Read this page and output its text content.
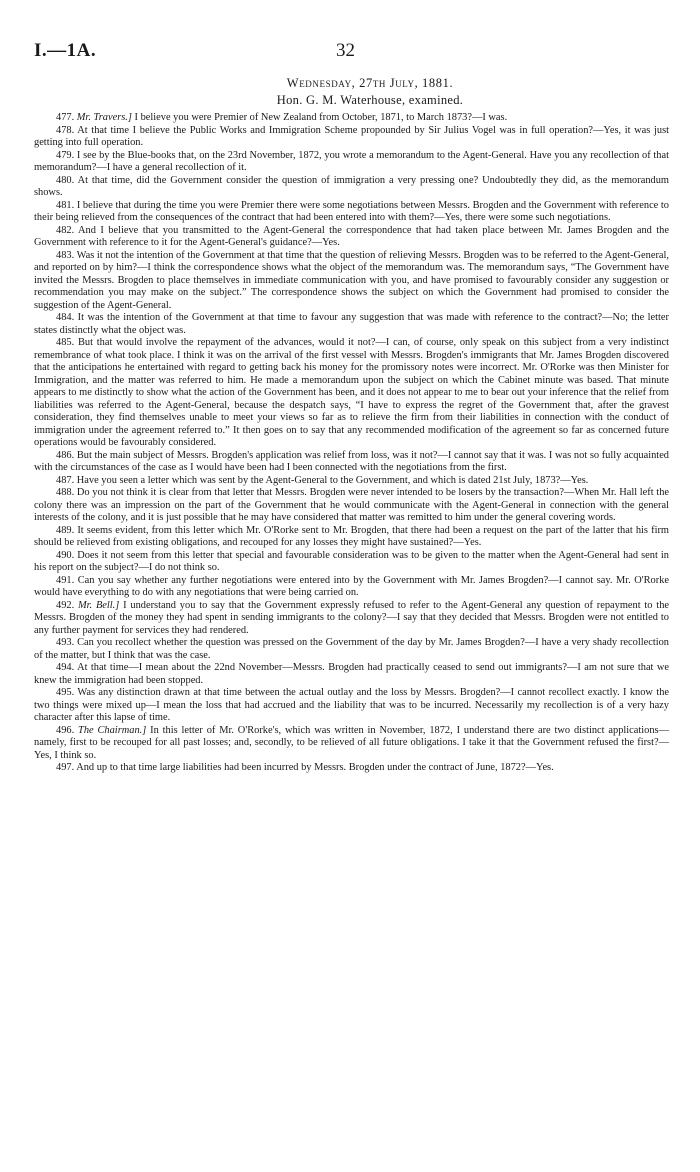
I.—1A.	32
Wednesday, 27th July, 1881.
Hon. G. M. Waterhouse, examined.

477. Mr. Travers.] I believe you were Premier of New Zealand from October, 1871, to March 1873?—I was.

478. At that time I believe the Public Works and Immigration Scheme propounded by Sir Julius Vogel was in full operation?—Yes, it was just getting into full operation.

479. I see by the Blue-books that, on the 23rd November, 1872, you wrote a memorandum to the Agent-General. Have you any recollection of that memorandum?—I have a general recollection of it.

480. At that time, did the Government consider the question of immigration a very pressing one? Undoubtedly they did, as the memorandum shows.

481. I believe that during the time you were Premier there were some negotiations between Messrs. Brogden and the Government with reference to their being relieved from the consequences of the contract that had been entered into with them?—Yes, there were some such negotiations.

482. And I believe that you transmitted to the Agent-General the correspondence that had taken place between Mr. James Brogden and the Government with reference to it for the Agent-General's guidance?—Yes.

483. Was it not the intention of the Government at that time that the question of relieving Messrs. Brogden was to be referred to the Agent-General, and reported on by him?—I think the correspondence shows what the object of the memorandum was. The memorandum says, “The Government have invited the Messrs. Brogden to place themselves in immediate communication with you, and have promised to favourably consider any suggestion or recommendation you may make on the subject.” The correspondence shows the subject on which the Government had promised to consider the suggestion of the Agent-General.

484. It was the intention of the Government at that time to favour any suggestion that was made with reference to the contract?—No; the letter states distinctly what the object was.

485. But that would involve the repayment of the advances, would it not?—I can, of course, only speak on this subject from a very indistinct remembrance of what took place. I think it was on the arrival of the first vessel with Messrs. Brogden's immigrants that Mr. James Brogden discovered that the anticipations he entertained with regard to getting back his money for the promissory notes were incorrect. Mr. O'Rorke was then Minister for Immigration, and the matter was referred to him. He made a memorandum upon the subject on which the Cabinet minute was based. That minute appears to me distinctly to show what the action of the Government has been, and it does not appear to me to bear out your inference that the relief from liabilities was referred to the Agent-General, because the despatch says, “I have to express the regret of the Government that, after the gravest consideration, they find themselves unable to meet your views so far as to relieve the firm from their liabilities in connection with the conduct of immigration under the agreement referred to.” It then goes on to say that any recommended modification of the agreement so far as concerned future operations would be favourably considered.

486. But the main subject of Messrs. Brogden's application was relief from loss, was it not?—I cannot say that it was. I was not so fully acquainted with the circumstances of the case as I would have been had I been connected with the negotiations from the first.

487. Have you seen a letter which was sent by the Agent-General to the Government, and which is dated 21st July, 1873?—Yes.

488. Do you not think it is clear from that letter that Messrs. Brogden were never intended to be losers by the transaction?—When Mr. Hall left the colony there was an impression on the part of the Government that he would communicate with the Agent-General in connection with the general interests of the colony, and it is just possible that he may have considered that matter was remitted to him under the general covering words.

489. It seems evident, from this letter which Mr. O'Rorke sent to Mr. Brogden, that there had been a request on the part of the latter that his firm should be relieved from existing obligations, and recouped for any losses they might have sustained?—Yes.

490. Does it not seem from this letter that special and favourable consideration was to be given to the matter when the Agent-General had sent in his report on the subject?—I do not think so.

491. Can you say whether any further negotiations were entered into by the Government with Mr. James Brogden?—I cannot say. Mr. O'Rorke would have everything to do with any negotiations that were being carried on.

492. Mr. Bell.] I understand you to say that the Government expressly refused to refer to the Agent-General any question of repayment to the Messrs. Brogden of the money they had spent in sending immigrants to the colony?—I say that they decided that Messrs. Brogden were not entitled to any further payment for services they had rendered.

493. Can you recollect whether the question was pressed on the Government of the day by Mr. James Brogden?—I have a very shady recollection of the matter, but I think that was the case.

494. At that time—I mean about the 22nd November—Messrs. Brogden had practically ceased to send out immigrants?—I am not sure that we knew the immigration had been stopped.

495. Was any distinction drawn at that time between the actual outlay and the loss by Messrs. Brogden?—I cannot recollect exactly. I know the two things were mixed up—I mean the loss that had accrued and the liability that was to be incurred. Necessarily my recollection is of a very hazy character after this lapse of time.

496. The Chairman.] In this letter of Mr. O'Rorke's, which was written in November, 1872, I understand there are two distinct applications—namely, first to be recouped for all past losses; and, secondly, to be relieved of all future obligations. I take it that the Government refused the first?—Yes, I think so.

497. And up to that time large liabilities had been incurred by Messrs. Brogden under the contract of June, 1872?—Yes.
